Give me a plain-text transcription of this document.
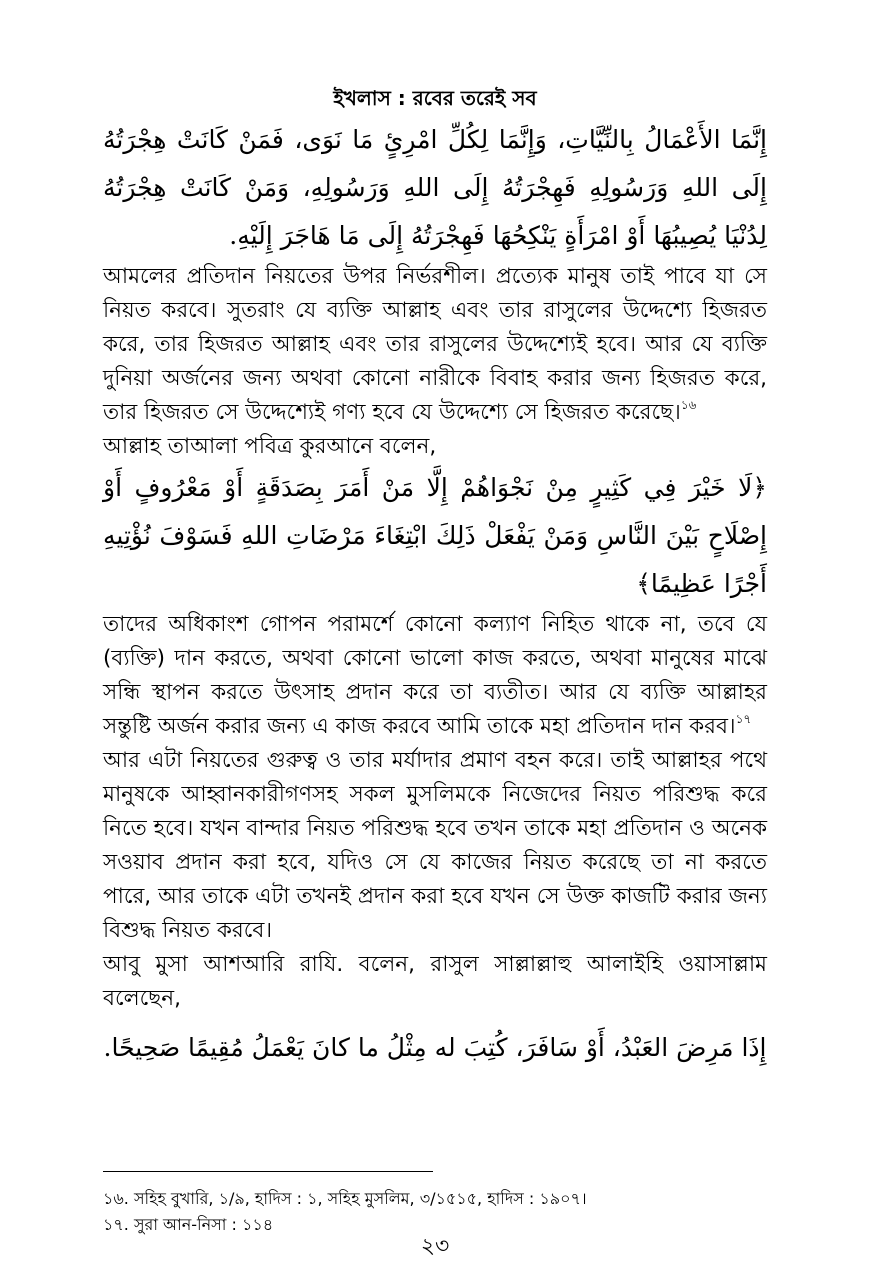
ইখলাস : রবের তরেই সব

إِنَّمَا الأَعْمَالُ بِالنِّيَّاتِ، وَإِنَّمَا لِكُلِّ امْرِئٍ مَا نَوَى، فَمَنْ كَانَتْ هِجْرَتُهُ إِلَى اللهِ وَرَسُولِهِ فَهِجْرَتُهُ إِلَى اللهِ وَرَسُولِهِ، وَمَنْ كَانَتْ هِجْرَتُهُ لِدُنْيَا يُصِيبُهَا أَوْ امْرَأَةٍ يَنْكِحُهَا فَهِجْرَتُهُ إِلَى مَا هَاجَرَ إِلَيْهِ.

আমলের প্রতিদান নিয়তের উপর নির্ভরশীল। প্রত্যেক মানুষ তাই পাবে যা সে নিয়ত করবে। সুতরাং যে ব্যক্তি আল্লাহ এবং তার রাসুলের উদ্দেশ্যে হিজরত করে, তার হিজরত আল্লাহ এবং তার রাসুলের উদ্দেশ্যেই হবে। আর যে ব্যক্তি দুনিয়া অর্জনের জন্য অথবা কোনো নারীকে বিবাহ করার জন্য হিজরত করে, তার হিজরত সে উদ্দেশ্যেই গণ্য হবে যে উদ্দেশ্যে সে হিজরত করেছে।$^{১৬}$

আল্লাহ তাআলা পবিত্র কুরআনে বলেন,

﴿لَا خَيْرَ فِي كَثِيرٍ مِنْ نَجْوَاهُمْ إِلَّا مَنْ أَمَرَ بِصَدَقَةٍ أَوْ مَعْرُوفٍ أَوْ إِصْلَاحٍ بَيْنَ النَّاسِ وَمَنْ يَفْعَلْ ذَلِكَ ابْتِغَاءَ مَرْضَاتِ اللهِ فَسَوْفَ نُؤْتِيهِ أَجْرًا عَظِيمًا﴾

তাদের অধিকাংশ গোপন পরামর্শে কোনো কল্যাণ নিহিত থাকে না, তবে যে (ব্যক্তি) দান করতে, অথবা কোনো ভালো কাজ করতে, অথবা মানুষের মাঝে সন্ধি স্থাপন করতে উৎসাহ প্রদান করে তা ব্যতীত। আর যে ব্যক্তি আল্লাহর সন্তুষ্টি অর্জন করার জন্য এ কাজ করবে আমি তাকে মহা প্রতিদান দান করব।$^{১৭}$

আর এটা নিয়তের গুরুত্ব ও তার মর্যাদার প্রমাণ বহন করে। তাই আল্লাহর পথে মানুষকে আহ্বানকারীগণসহ সকল মুসলিমকে নিজেদের নিয়ত পরিশুদ্ধ করে নিতে হবে। যখন বান্দার নিয়ত পরিশুদ্ধ হবে তখন তাকে মহা প্রতিদান ও অনেক সওয়াব প্রদান করা হবে, যদিও সে যে কাজের নিয়ত করেছে তা না করতে পারে, আর তাকে এটা তখনই প্রদান করা হবে যখন সে উক্ত কাজটি করার জন্য বিশুদ্ধ নিয়ত করবে।

আবু মুসা আশআরি রাযি. বলেন, রাসুল সাল্লাল্লাহু আলাইহি ওয়াসাল্লাম বলেছেন,

إِذَا مَرِضَ العَبْدُ، أَوْ سَافَرَ، كُتِبَ له مِثْلُ ما كانَ يَعْمَلُ مُقِيمًا صَحِيحًا.

১৬. সহিহ বুখারি, ১/৯, হাদিস : ১, সহিহ মুসলিম, ৩/১৫১৫, হাদিস : ১৯০৭।

১৭. সুরা আন-নিসা : ১১৪

২৩
